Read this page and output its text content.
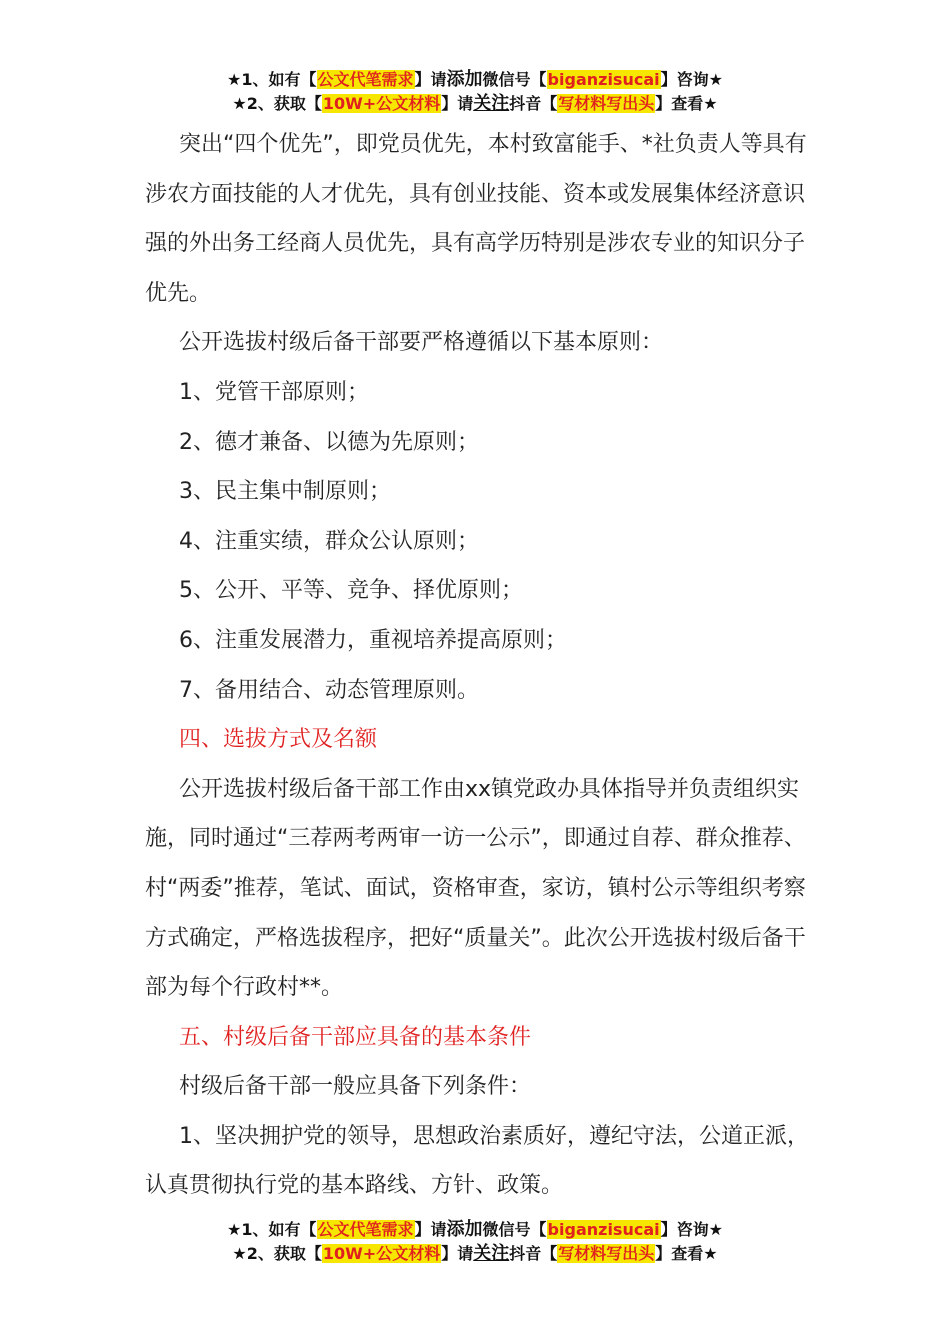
★1、如有【公文代笔需求】请添加微信号【biganzisucai】咨询★
★2、获取【10W+公文材料】请关注抖音【写材料写出头】查看★

突出“四个优先”，即党员优先，本村致富能手、*社负责人等具有涉农方面技能的人才优先，具有创业技能、资本或发展集体经济意识强的外出务工经商人员优先，具有高学历特别是涉农专业的知识分子优先。

公开选拔村级后备干部要严格遵循以下基本原则：

1、党管干部原则；

2、德才兼备、以德为先原则；

3、民主集中制原则；

4、注重实绩，群众公认原则；

5、公开、平等、竞争、择优原则；

6、注重发展潜力，重视培养提高原则；

7、备用结合、动态管理原则。

四、选拔方式及名额

公开选拔村级后备干部工作由xx镇党政办具体指导并负责组织实施，同时通过“三荐两考两审一访一公示”，即通过自荐、群众推荐、村“两委”推荐，笔试、面试，资格审查，家访，镇村公示等组织考察方式确定，严格选拔程序，把好“质量关”。此次公开选拔村级后备干部为每个行政村**。

五、村级后备干部应具备的基本条件

村级后备干部一般应具备下列条件：

1、坚决拥护党的领导，思想政治素质好，遵纪守法，公道正派，认真贯彻执行党的基本路线、方针、政策。

★1、如有【公文代笔需求】请添加微信号【biganzisucai】咨询★
★2、获取【10W+公文材料】请关注抖音【写材料写出头】查看★
